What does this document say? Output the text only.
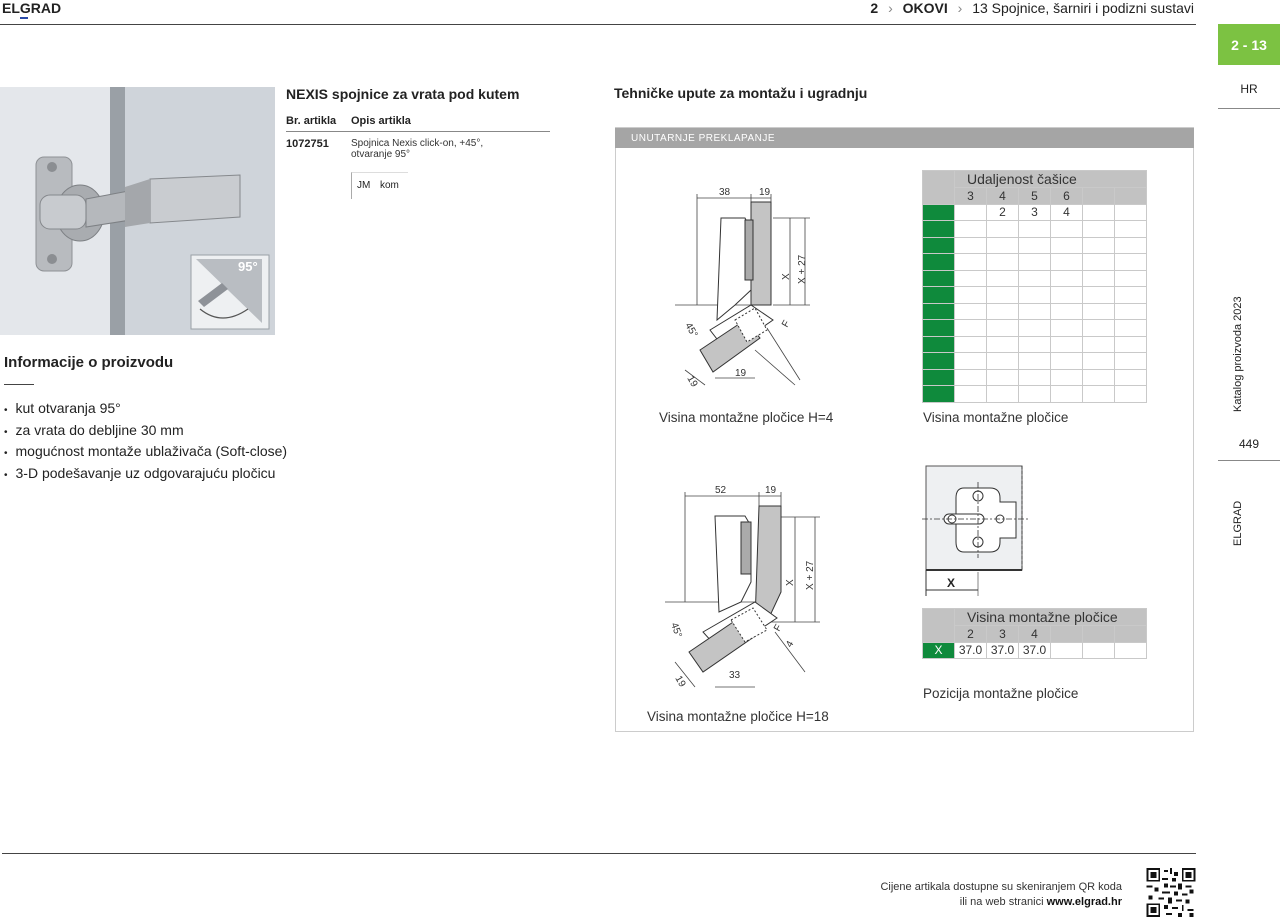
ELGRAD	2 › OKOVI › 13 Spojnice, šarniri i podizni sustavi
2 - 13
HR
Katalog proizvoda 2023
449
ELGRAD
95°
NEXIS spojnice za vrata pod kutem
Br. artikla Opis artikla
1072751 Spojnica Nexis click-on, +45°,
otvaranje 95°
JM kom
Informacije o proizvodu
• kut otvaranja 95°
• za vrata do debljine 30 mm
• mogućnost montaže ublaživača (Soft-close)
• 3-D podešavanje uz odgovarajuću pločicu
Tehničke upute za montažu i ugradnju
UNUTARNJE PREKLAPANJE
38	19
X X + 27
F
45°
19
19
Visina montažne pločice H=4
	Udaljenost čašice					
	3	4	5	6		
		2	3	4		

Visina montažne pločice
52	19
X X + 27
F
4
45°
19	33
Visina montažne pločice H=18
X
	Visina montažne pločice					
	2	3	4			
X	37.0	37.0	37.0			
Pozicija montažne pločice
Cijene artikala dostupne su skeniranjem QR koda
ili na web stranici www.elgrad.hr
